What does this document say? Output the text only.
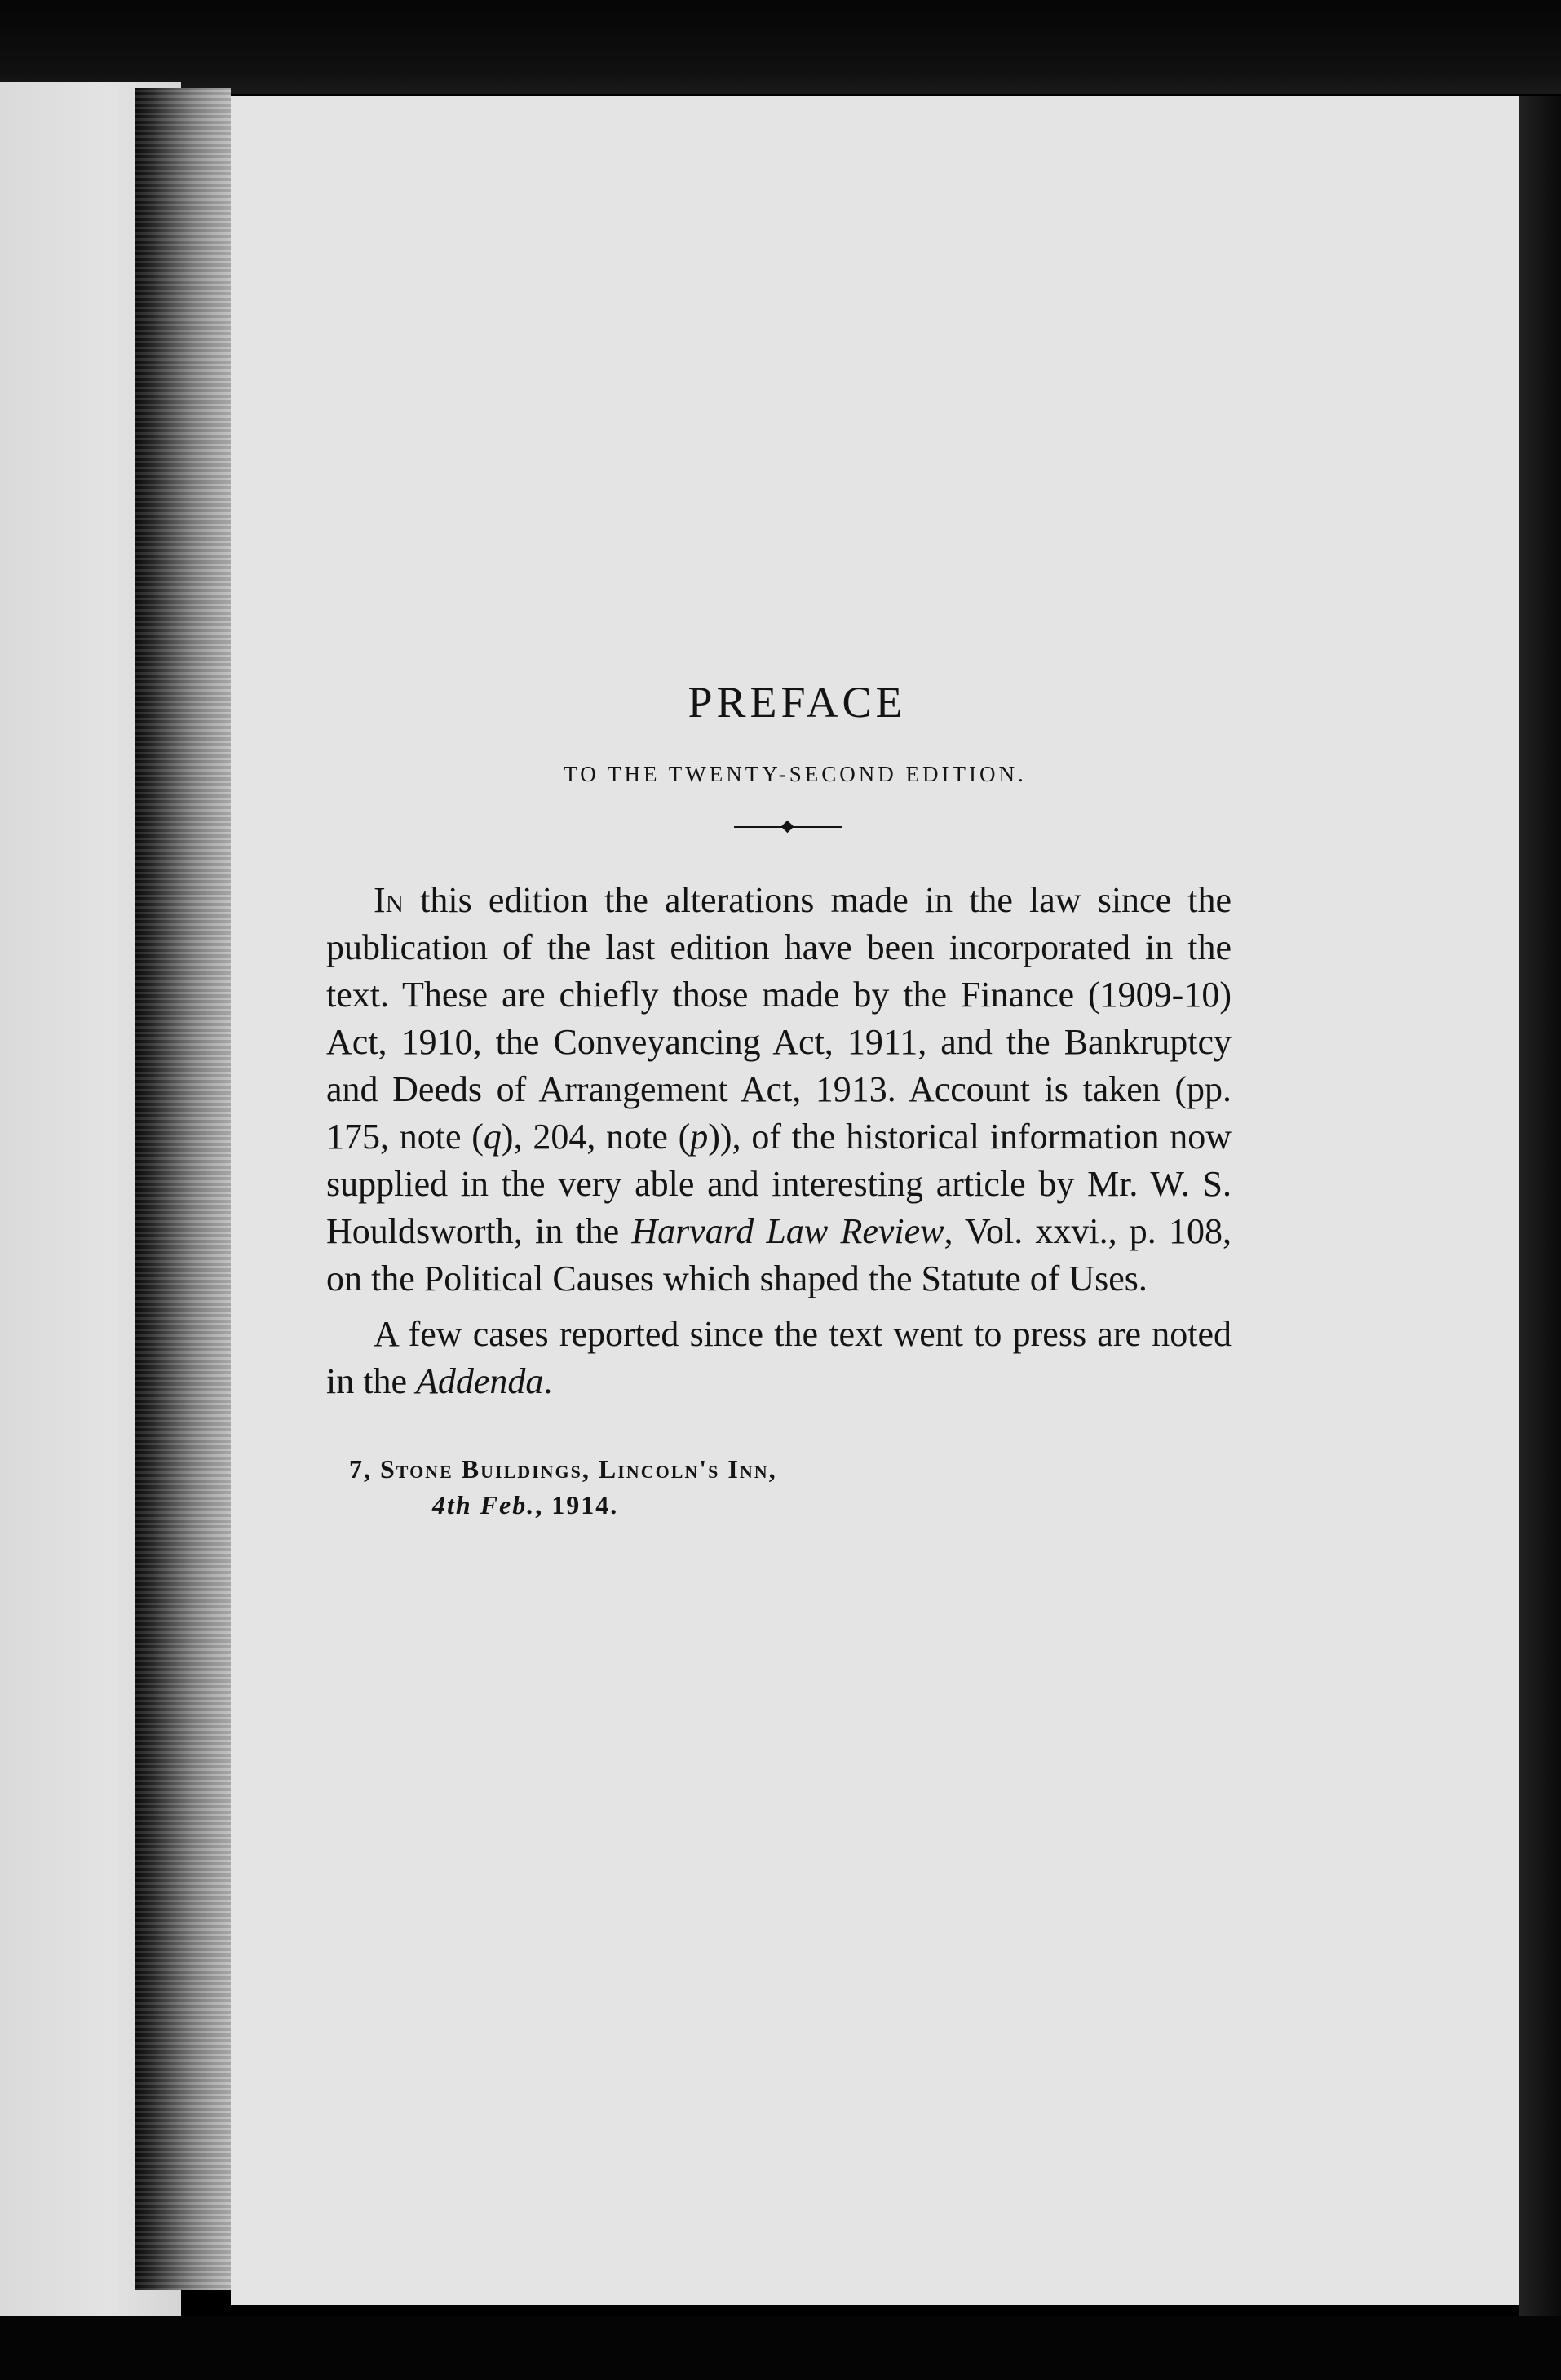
PREFACE
TO THE TWENTY-SECOND EDITION.

In this edition the alterations made in the law since the publication of the last edition have been incorporated in the text. These are chiefly those made by the Finance (1909-10) Act, 1910, the Conveyancing Act, 1911, and the Bankruptcy and Deeds of Arrangement Act, 1913. Account is taken (pp. 175, note (q), 204, note (p)), of the historical information now supplied in the very able and interesting article by Mr. W. S. Houldsworth, in the Harvard Law Review, Vol. xxvi., p. 108, on the Political Causes which shaped the Statute of Uses.

A few cases reported since the text went to press are noted in the Addenda.

7, Stone Buildings, Lincoln's Inn,
4th Feb., 1914.
